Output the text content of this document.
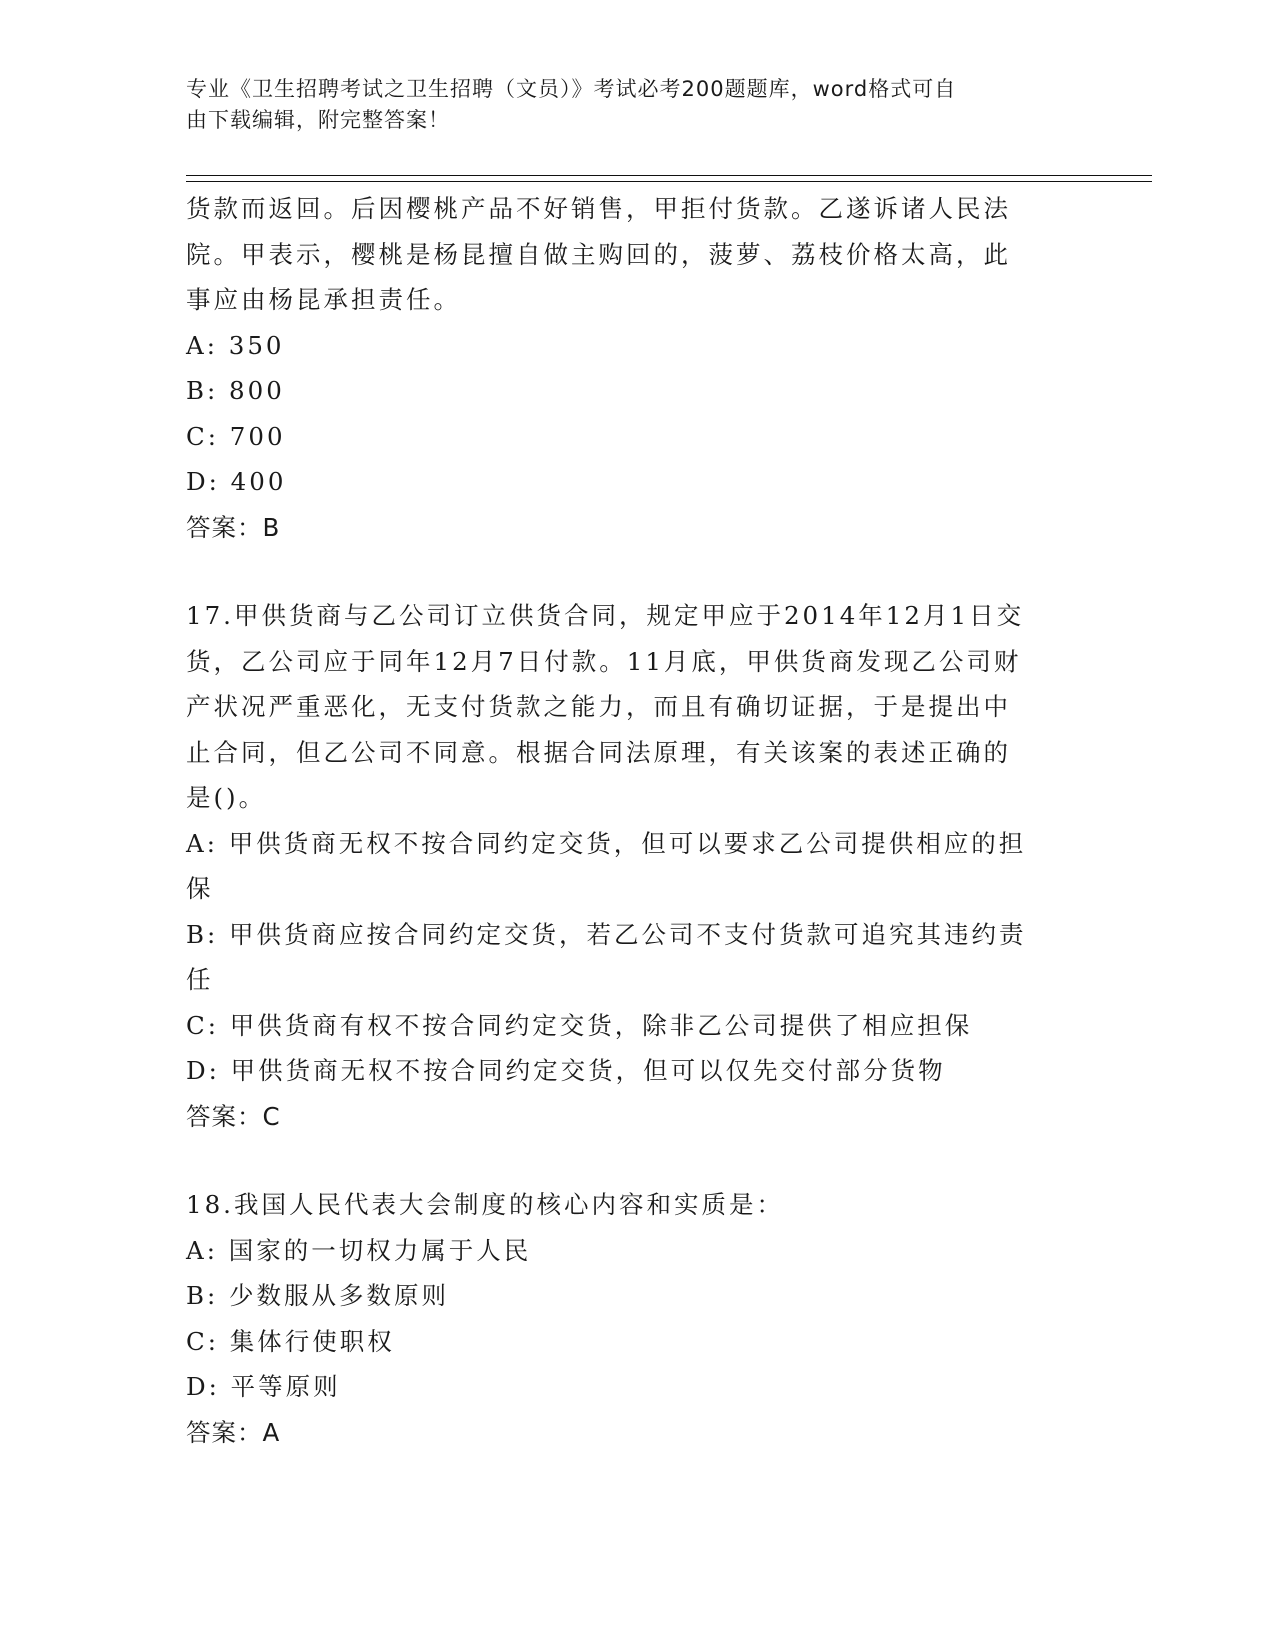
专业《卫生招聘考试之卫生招聘（文员）》考试必考200题题库，word格式可自
由下载编辑，附完整答案！

货款而返回。后因樱桃产品不好销售，甲拒付货款。乙遂诉诸人民法
院。甲表示，樱桃是杨昆擅自做主购回的，菠萝、荔枝价格太高，此
事应由杨昆承担责任。

A: 350

B: 800

C: 700

D: 400

答案：B

17.甲供货商与乙公司订立供货合同，规定甲应于2014年12月1日交
货，乙公司应于同年12月7日付款。11月底，甲供货商发现乙公司财
产状况严重恶化，无支付货款之能力，而且有确切证据，于是提出中
止合同，但乙公司不同意。根据合同法原理，有关该案的表述正确的
是()。

A: 甲供货商无权不按合同约定交货，但可以要求乙公司提供相应的担
保

B: 甲供货商应按合同约定交货，若乙公司不支付货款可追究其违约责
任

C: 甲供货商有权不按合同约定交货，除非乙公司提供了相应担保

D: 甲供货商无权不按合同约定交货，但可以仅先交付部分货物

答案：C

18.我国人民代表大会制度的核心内容和实质是：

A: 国家的一切权力属于人民

B: 少数服从多数原则

C: 集体行使职权

D: 平等原则

答案：A
